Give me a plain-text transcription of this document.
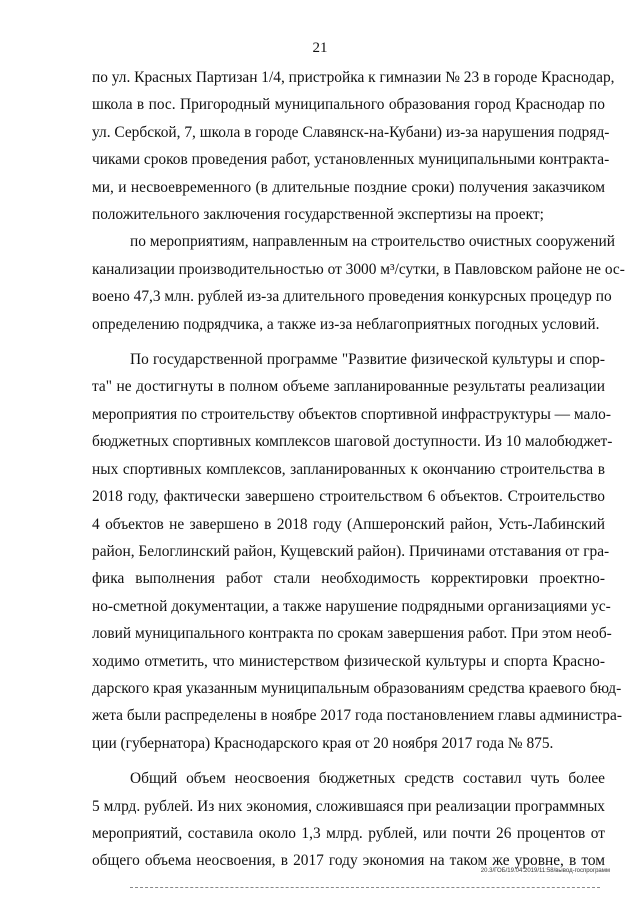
21
по ул. Красных Партизан 1/4, пристройка к гимназии № 23 в городе Краснодар,
школа в пос. Пригородный муниципального образования город Краснодар по
ул. Сербской, 7, школа в городе Славянск-на-Кубани) из-за нарушения подряд-
чиками сроков проведения работ, установленных муниципальными контракта-
ми, и несвоевременного (в длительные поздние сроки) получения заказчиком
положительного заключения государственной экспертизы на проект;
по мероприятиям, направленным на строительство очистных сооружений
канализации производительностью от 3000 м³/сутки, в Павловском районе не ос-
воено 47,3 млн. рублей из-за длительного проведения конкурсных процедур по
определению подрядчика, а также из-за неблагоприятных погодных условий.
По государственной программе "Развитие физической культуры и спор-
та" не достигнуты в полном объеме запланированные результаты реализации
мероприятия по строительству объектов спортивной инфраструктуры — мало-
бюджетных спортивных комплексов шаговой доступности. Из 10 малобюджет-
ных спортивных комплексов, запланированных к окончанию строительства в
2018 году, фактически завершено строительством 6 объектов. Строительство
4 объектов не завершено в 2018 году (Апшеронский район, Усть-Лабинский
район, Белоглинский район, Кущевский район). Причинами отставания от гра-
фика выполнения работ стали необходимость корректировки проектно-
но-сметной документации, а также нарушение подрядными организациями ус-
ловий муниципального контракта по срокам завершения работ. При этом необ-
ходимо отметить, что министерством физической культуры и спорта Красно-
дарского края указанным муниципальным образованиям средства краевого бюд-
жета были распределены в ноябре 2017 года постановлением главы администра-
ции (губернатора) Краснодарского края от 20 ноября 2017 года № 875.
Общий объем неосвоения бюджетных средств составил чуть более
5 млрд. рублей. Из них экономия, сложившаяся при реализации программных
мероприятий, составила около 1,3 млрд. рублей, или почти 26 процентов от
общего объема неосвоения, в 2017 году экономия на таком же уровне, в том
20.3/ГОБ/19.04.2019/11:58/вывод-госпрограмм
